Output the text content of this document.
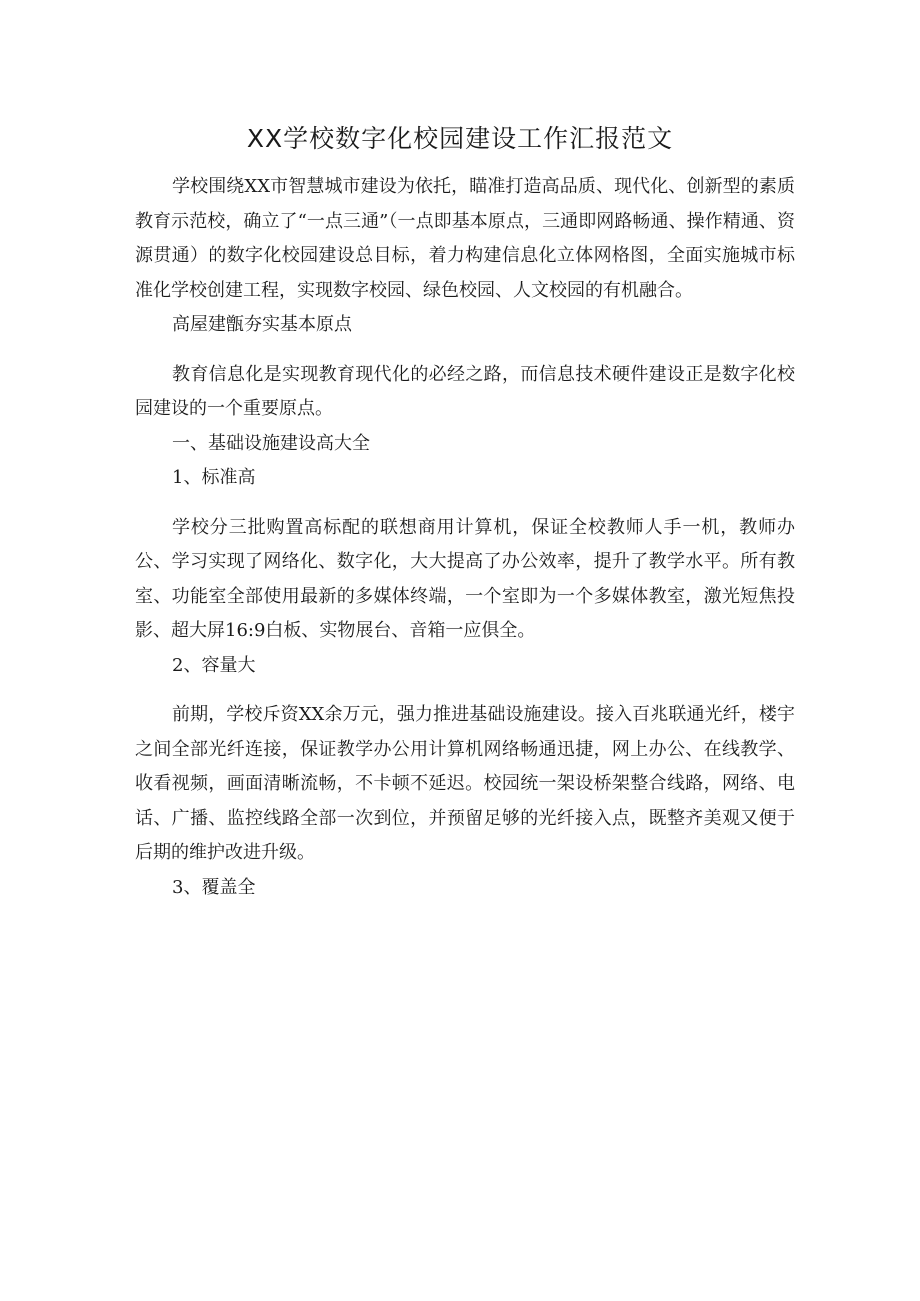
XX学校数字化校园建设工作汇报范文

学校围绕XX市智慧城市建设为依托，瞄准打造高品质、现代化、创新型的素质教育示范校，确立了“一点三通”（一点即基本原点，三通即网路畅通、操作精通、资源贯通）的数字化校园建设总目标，着力构建信息化立体网格图，全面实施城市标准化学校创建工程，实现数字校园、绿色校园、人文校园的有机融合。

高屋建甑夯实基本原点

教育信息化是实现教育现代化的必经之路，而信息技术硬件建设正是数字化校园建设的一个重要原点。

一、基础设施建设高大全

1、标准高

学校分三批购置高标配的联想商用计算机，保证全校教师人手一机，教师办公、学习实现了网络化、数字化，大大提高了办公效率，提升了教学水平。所有教室、功能室全部使用最新的多媒体终端，一个室即为一个多媒体教室，激光短焦投影、超大屏16:9白板、实物展台、音箱一应俱全。

2、容量大

前期，学校斥资XX余万元，强力推进基础设施建设。接入百兆联通光纤，楼宇之间全部光纤连接，保证教学办公用计算机网络畅通迅捷，网上办公、在线教学、收看视频，画面清晰流畅，不卡顿不延迟。校园统一架设桥架整合线路，网络、电话、广播、监控线路全部一次到位，并预留足够的光纤接入点，既整齐美观又便于后期的维护改进升级。

3、覆盖全
